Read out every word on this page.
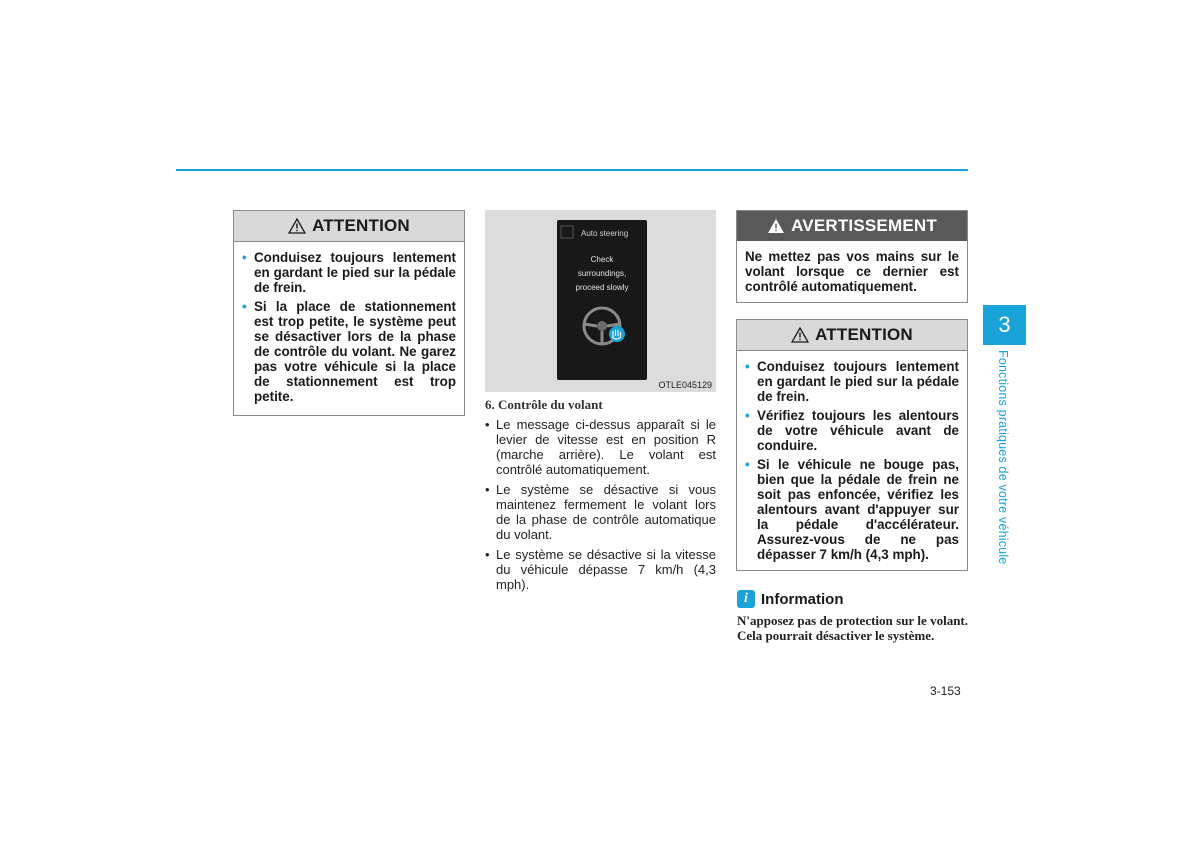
ATTENTION
• Conduisez toujours lentement en gardant le pied sur la pédale de frein.
• Si la place de stationnement est trop petite, le système peut se désactiver lors de la phase de contrôle du volant. Ne garez pas votre véhicule si la place de stationnement est trop petite.
Auto steering
Check
surroundings,
proceed slowly
OTLE045129

6. Contrôle du volant

• Le message ci-dessus apparaît si le levier de vitesse est en position R (marche arrière). Le volant est contrôlé automatiquement.
• Le système se désactive si vous maintenez fermement le volant lors de la phase de contrôle automatique du volant.
• Le système se désactive si la vitesse du véhicule dépasse 7 km/h (4,3 mph).
AVERTISSEMENT

Ne mettez pas vos mains sur le volant lorsque ce dernier est contrôlé automatiquement.

ATTENTION
• Conduisez toujours lentement en gardant le pied sur la pédale de frein.
• Vérifiez toujours les alentours de votre véhicule avant de conduire.
• Si le véhicule ne bouge pas, bien que la pédale de frein ne soit pas enfoncée, vérifiez les alentours avant d'appuyer sur la pédale d'accélérateur. Assurez-vous de ne pas dépasser 7 km/h (4,3 mph).
i Information

N'apposez pas de protection sur le volant. Cela pourrait désactiver le système.

3-153
3
Fonctions pratiques de votre véhicule
